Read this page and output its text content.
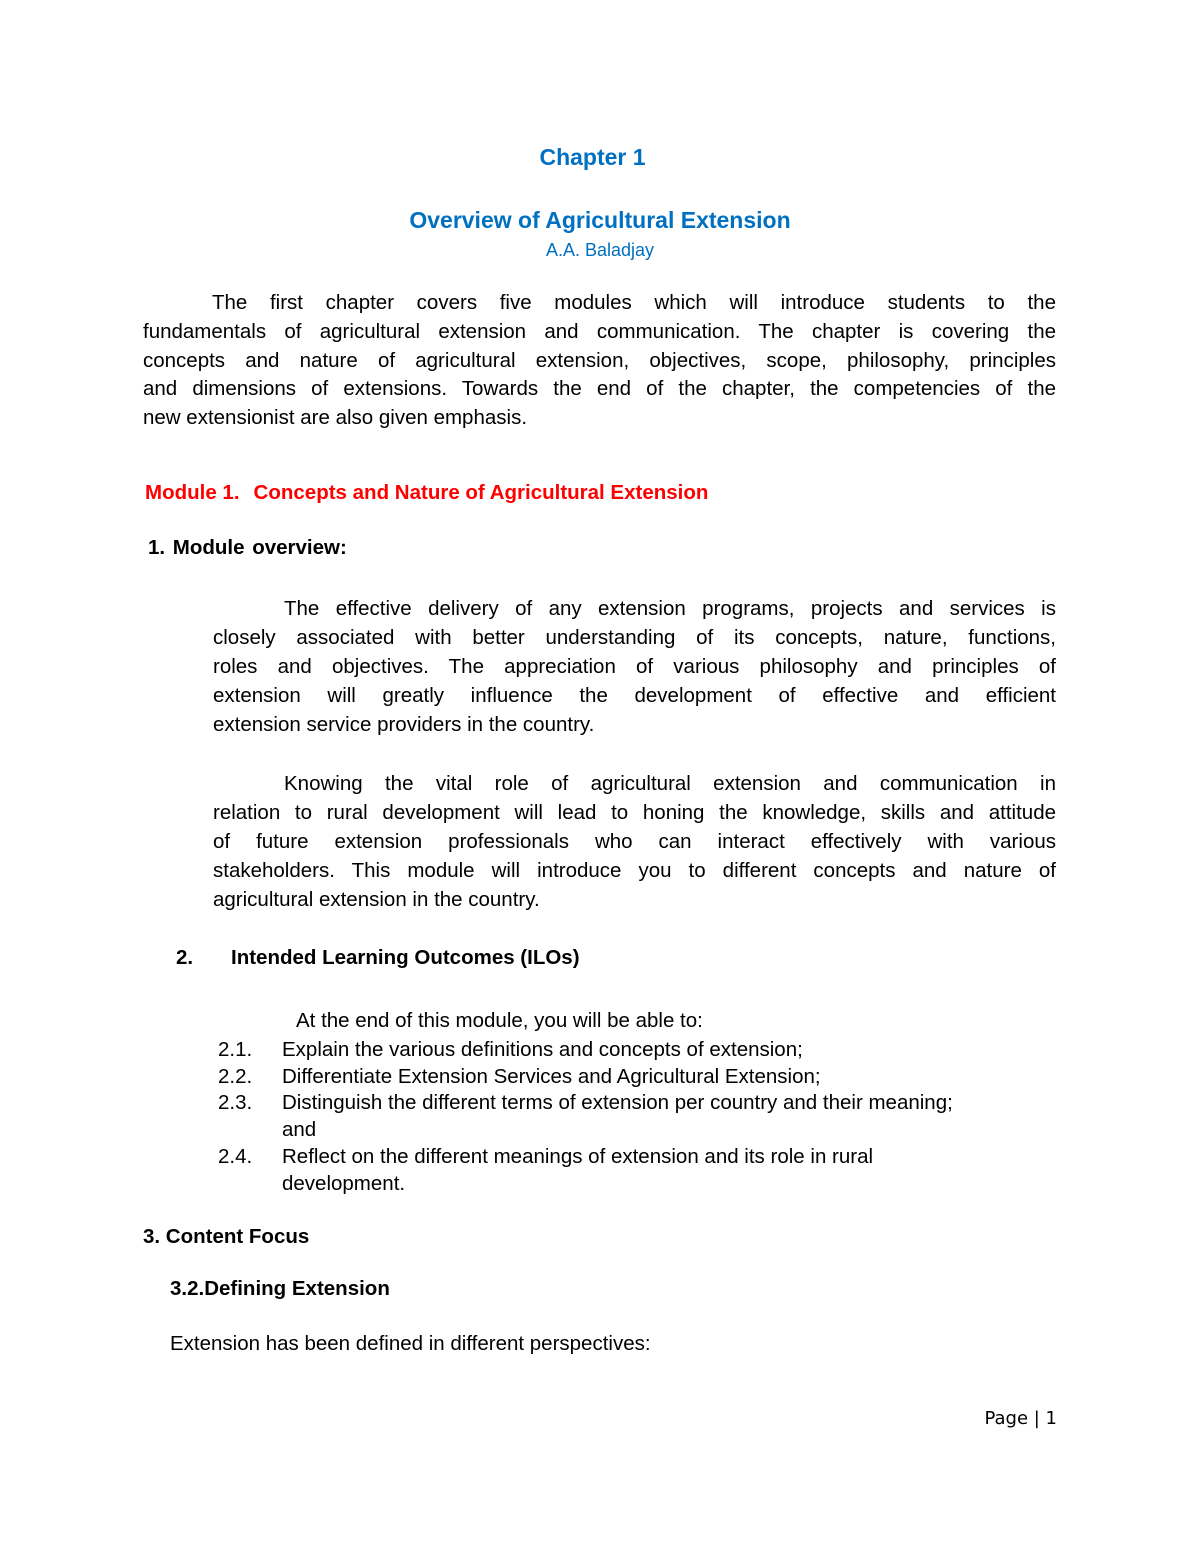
Chapter 1
Overview of Agricultural Extension
A.A. Baladjay
The first chapter covers five modules which will introduce students to the
fundamentals of agricultural extension and communication. The chapter is covering the
concepts and nature of agricultural extension, objectives, scope, philosophy, principles
and dimensions of extensions. Towards the end of the chapter, the competencies of the
new extensionist are also given emphasis.
Module 1. Concepts and Nature of Agricultural Extension
1. Module overview:
The effective delivery of any extension programs, projects and services is
closely associated with better understanding of its concepts, nature, functions,
roles and objectives. The appreciation of various philosophy and principles of
extension will greatly influence the development of effective and efficient
extension service providers in the country.
Knowing the vital role of agricultural extension and communication in
relation to rural development will lead to honing the knowledge, skills and attitude
of future extension professionals who can interact effectively with various
stakeholders. This module will introduce you to different concepts and nature of
agricultural extension in the country.
2. Intended Learning Outcomes (ILOs)
At the end of this module, you will be able to:
2.1. Explain the various definitions and concepts of extension;
2.2. Differentiate Extension Services and Agricultural Extension;
2.3. Distinguish the different terms of extension per country and their meaning;
and
2.4. Reflect on the different meanings of extension and its role in rural
development.
3. Content Focus
3.2.Defining Extension
Extension has been defined in different perspectives:
Page | 1
